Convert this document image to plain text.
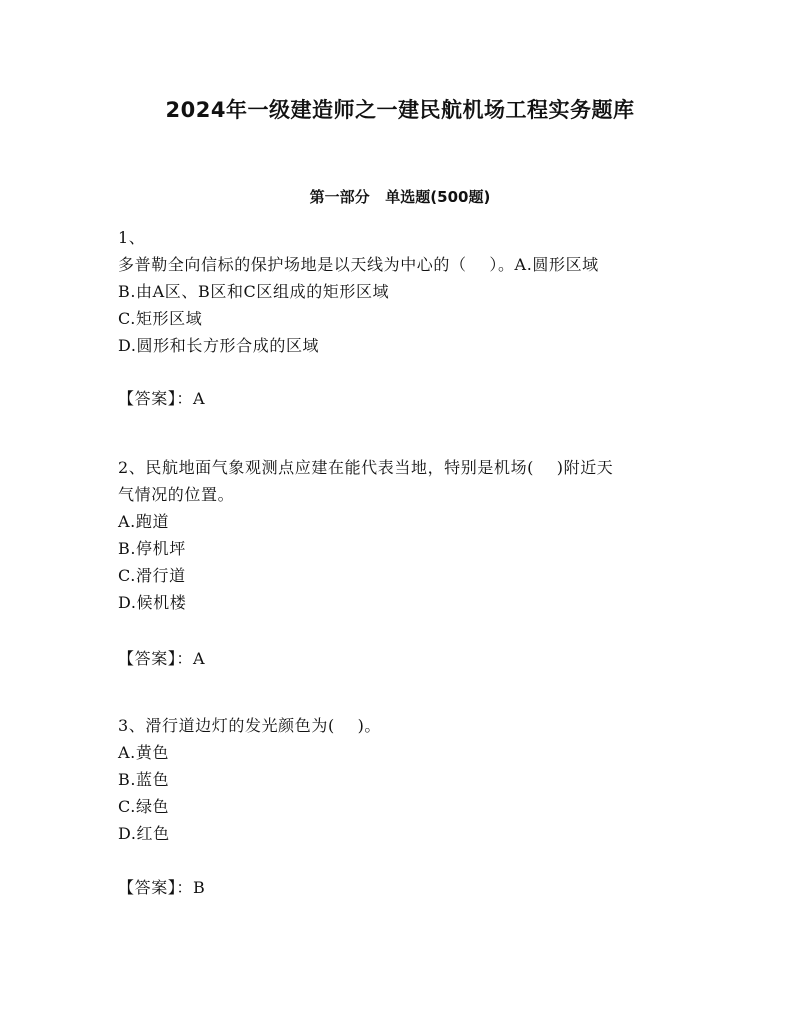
2024年一级建造师之一建民航机场工程实务题库
第一部分   单选题(500题)
1、
多普勒全向信标的保护场地是以天线为中心的（    ）。A.圆形区域
B.由A区、B区和C区组成的矩形区域
C.矩形区域
D.圆形和长方形合成的区域
【答案】：A
2、民航地面气象观测点应建在能代表当地，特别是机场(    )附近天
气情况的位置。
A.跑道
B.停机坪
C.滑行道
D.候机楼
【答案】：A
3、滑行道边灯的发光颜色为(    )。
A.黄色
B.蓝色
C.绿色
D.红色
【答案】：B
